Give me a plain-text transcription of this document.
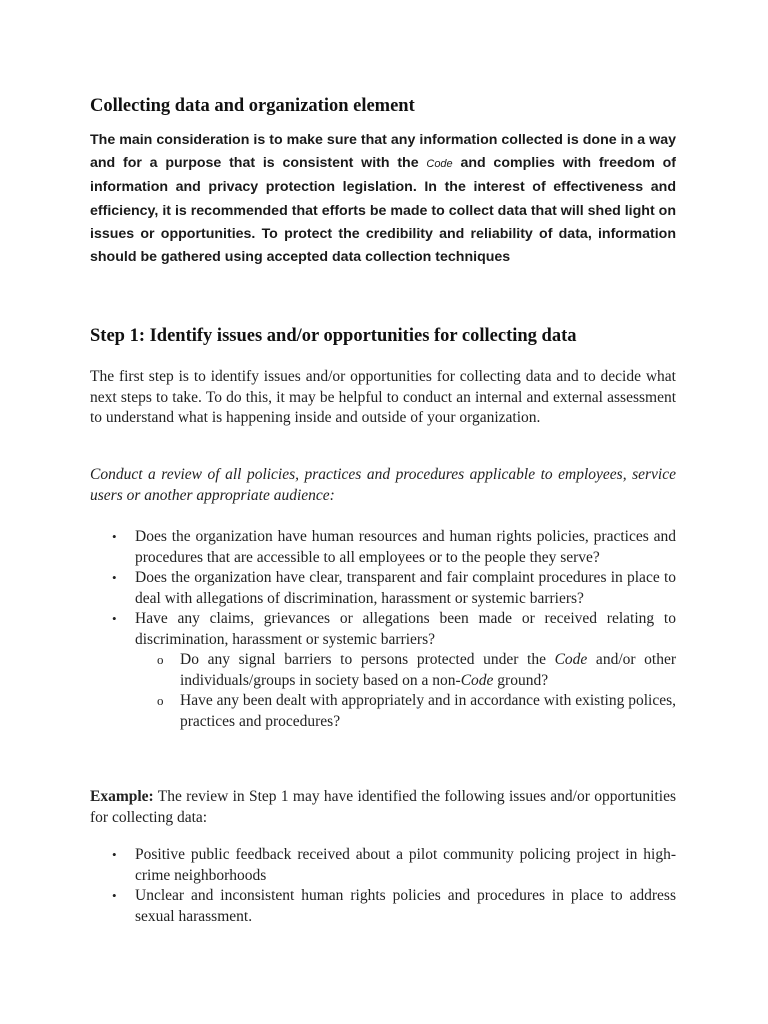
Collecting data and organization element

The main consideration is to make sure that any information collected is done in a way and for a purpose that is consistent with the Code and complies with freedom of information and privacy protection legislation. In the interest of effectiveness and efficiency, it is recommended that efforts be made to collect data that will shed light on issues or opportunities. To protect the credibility and reliability of data, information should be gathered using accepted data collection techniques

Step 1: Identify issues and/or opportunities for collecting data

The first step is to identify issues and/or opportunities for collecting data and to decide what next steps to take. To do this, it may be helpful to conduct an internal and external assessment to understand what is happening inside and outside of your organization.

Conduct a review of all policies, practices and procedures applicable to employees, service users or another appropriate audience:

• Does the organization have human resources and human rights policies, practices and procedures that are accessible to all employees or to the people they serve?
• Does the organization have clear, transparent and fair complaint procedures in place to deal with allegations of discrimination, harassment or systemic barriers?
• Have any claims, grievances or allegations been made or received relating to discrimination, harassment or systemic barriers?
o Do any signal barriers to persons protected under the Code and/or other individuals/groups in society based on a non-Code ground?
o Have any been dealt with appropriately and in accordance with existing polices, practices and procedures?

Example: The review in Step 1 may have identified the following issues and/or opportunities for collecting data:

• Positive public feedback received about a pilot community policing project in high-crime neighborhoods
• Unclear and inconsistent human rights policies and procedures in place to address sexual harassment.
